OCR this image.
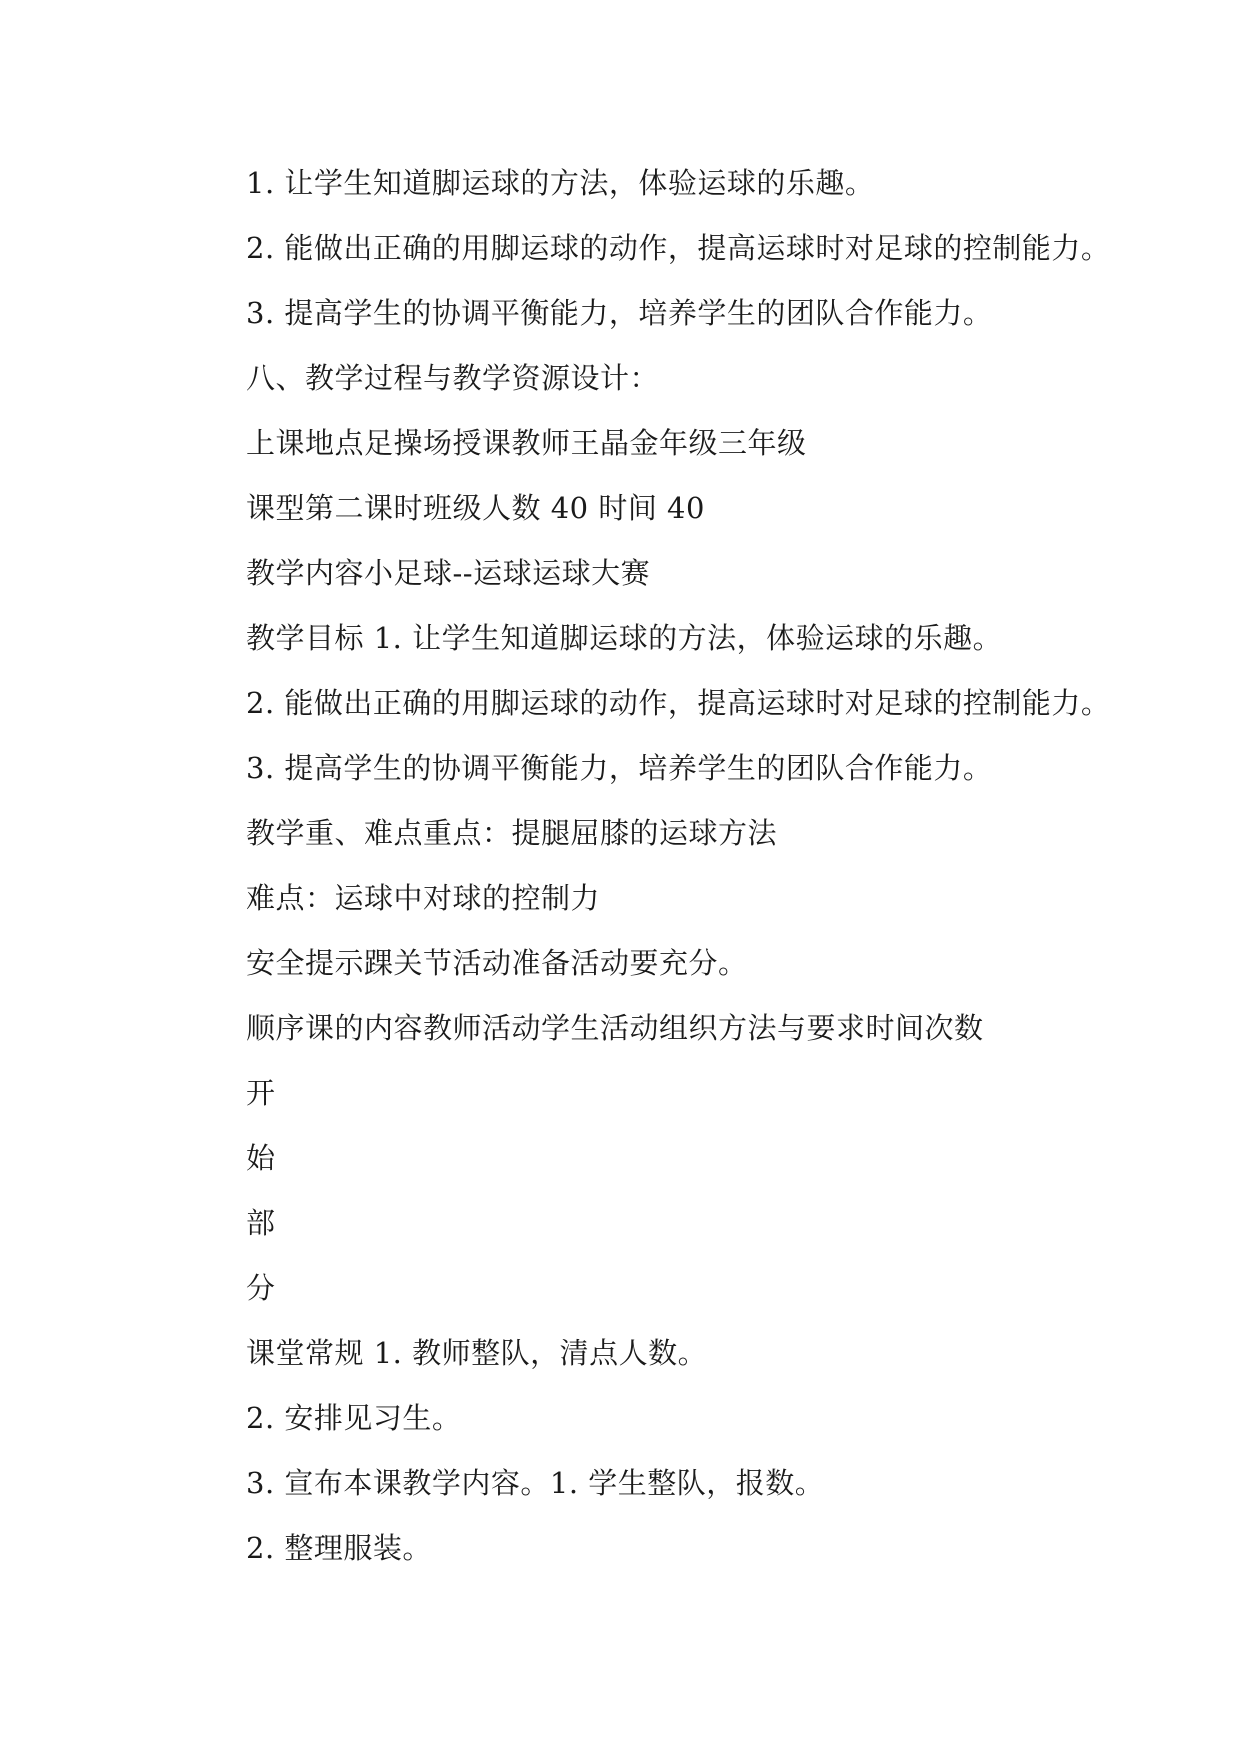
1. 让学生知道脚运球的方法，体验运球的乐趣。
2. 能做出正确的用脚运球的动作，提高运球时对足球的控制能力。
3. 提高学生的协调平衡能力，培养学生的团队合作能力。
八、教学过程与教学资源设计：
上课地点足操场授课教师王晶金年级三年级
课型第二课时班级人数 40 时间 40
教学内容小足球--运球运球大赛
教学目标 1. 让学生知道脚运球的方法，体验运球的乐趣。
2. 能做出正确的用脚运球的动作，提高运球时对足球的控制能力。
3. 提高学生的协调平衡能力，培养学生的团队合作能力。
教学重、难点重点：提腿屈膝的运球方法
难点：运球中对球的控制力
安全提示踝关节活动准备活动要充分。
顺序课的内容教师活动学生活动组织方法与要求时间次数
开
始
部
分
课堂常规 1. 教师整队，清点人数。
2. 安排见习生。
3. 宣布本课教学内容。1. 学生整队，报数。
2. 整理服装。
